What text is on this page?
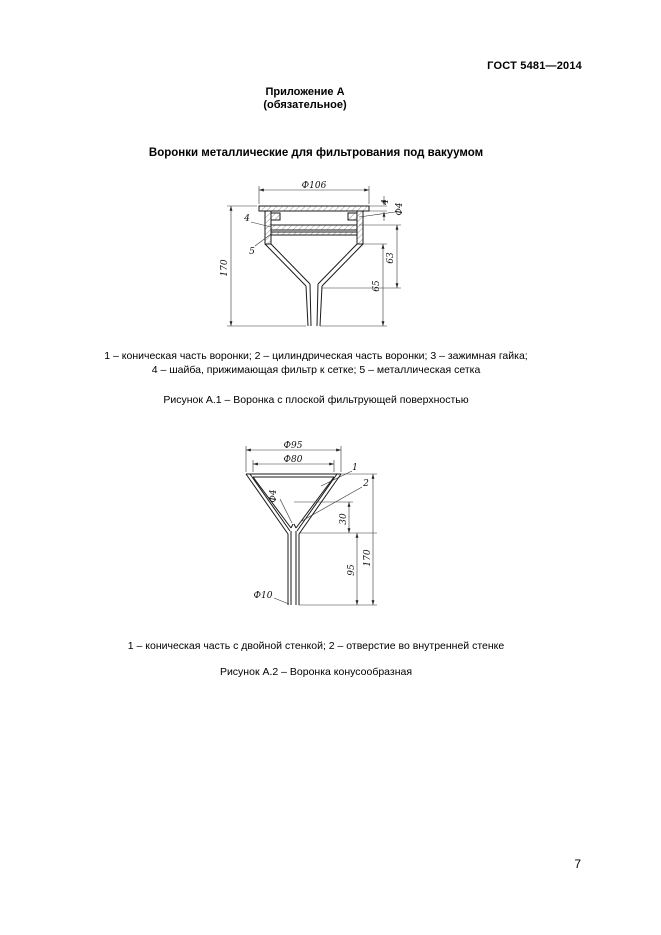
ГОСТ 5481—2014
Приложение А
(обязательное)
Воронки металлические для фильтрования под вакуумом
Ф106
170
4
5
4
Ф4
63
65
1 – коническая часть воронки; 2 – цилиндрическая часть воронки; 3 – зажимная гайка;
4 – шайба, прижимающая фильтр к сетке; 5 – металлическая сетка
Рисунок А.1 – Воронка с плоской фильтрующей поверхностью
Ф95
Ф80
1
2
Ф4
30
95
170
Ф10
1 – коническая часть с двойной стенкой; 2 – отверстие во внутренней стенке
Рисунок А.2 – Воронка конусообразная
7
